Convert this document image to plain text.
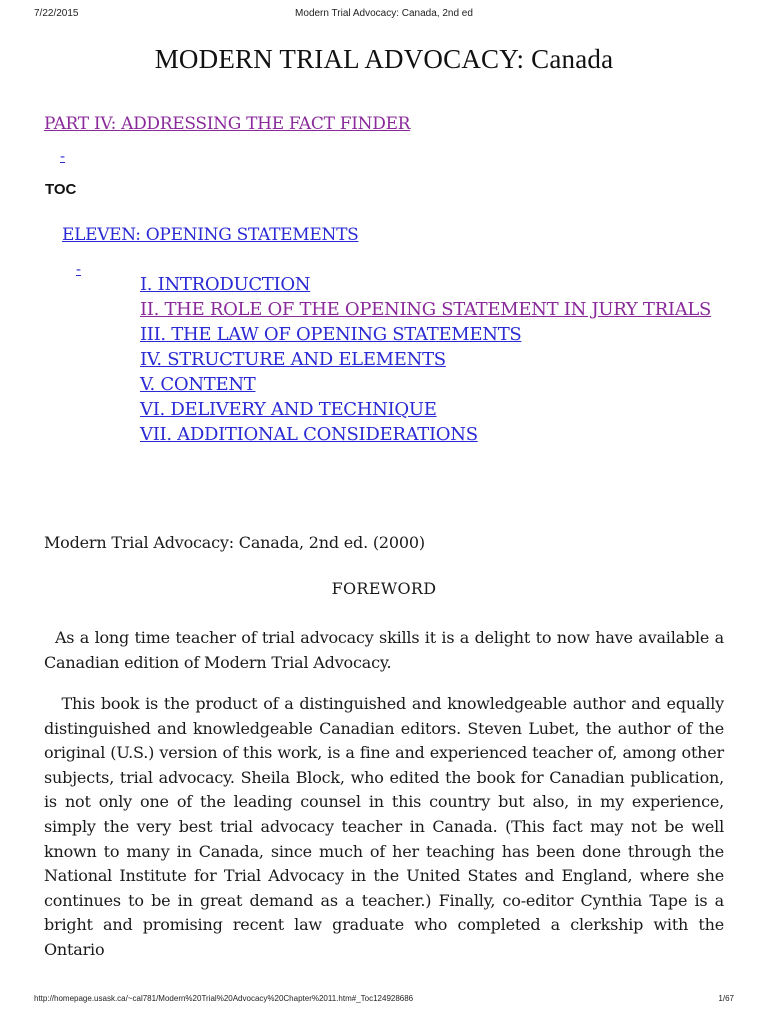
7/22/2015	Modern Trial Advocacy: Canada, 2nd ed
MODERN TRIAL ADVOCACY: Canada
PART IV: ADDRESSING THE FACT FINDER
-
TOC
ELEVEN: OPENING STATEMENTS
-
I. INTRODUCTION
II. THE ROLE OF THE OPENING STATEMENT IN JURY TRIALS
III. THE LAW OF OPENING STATEMENTS
IV. STRUCTURE AND ELEMENTS
V. CONTENT
VI. DELIVERY AND TECHNIQUE
VII. ADDITIONAL CONSIDERATIONS
Modern Trial Advocacy: Canada, 2nd ed. (2000)
FOREWORD

As a long time teacher of trial advocacy skills it is a delight to now have available a Canadian edition of Modern Trial Advocacy.

This book is the product of a distinguished and knowledgeable author and equally distinguished and knowledgeable Canadian editors. Steven Lubet, the author of the original (U.S.) version of this work, is a fine and experienced teacher of, among other subjects, trial advocacy. Sheila Block, who edited the book for Canadian publication, is not only one of the leading counsel in this country but also, in my experience, simply the very best trial advocacy teacher in Canada. (This fact may not be well known to many in Canada, since much of her teaching has been done through the National Institute for Trial Advocacy in the United States and England, where she continues to be in great demand as a teacher.) Finally, co-editor Cynthia Tape is a bright and promising recent law graduate who completed a clerkship with the Ontario

http://homepage.usask.ca/~cal781/Modern%20Trial%20Advocacy%20Chapter%2011.htm#_Toc124928686	1/67
